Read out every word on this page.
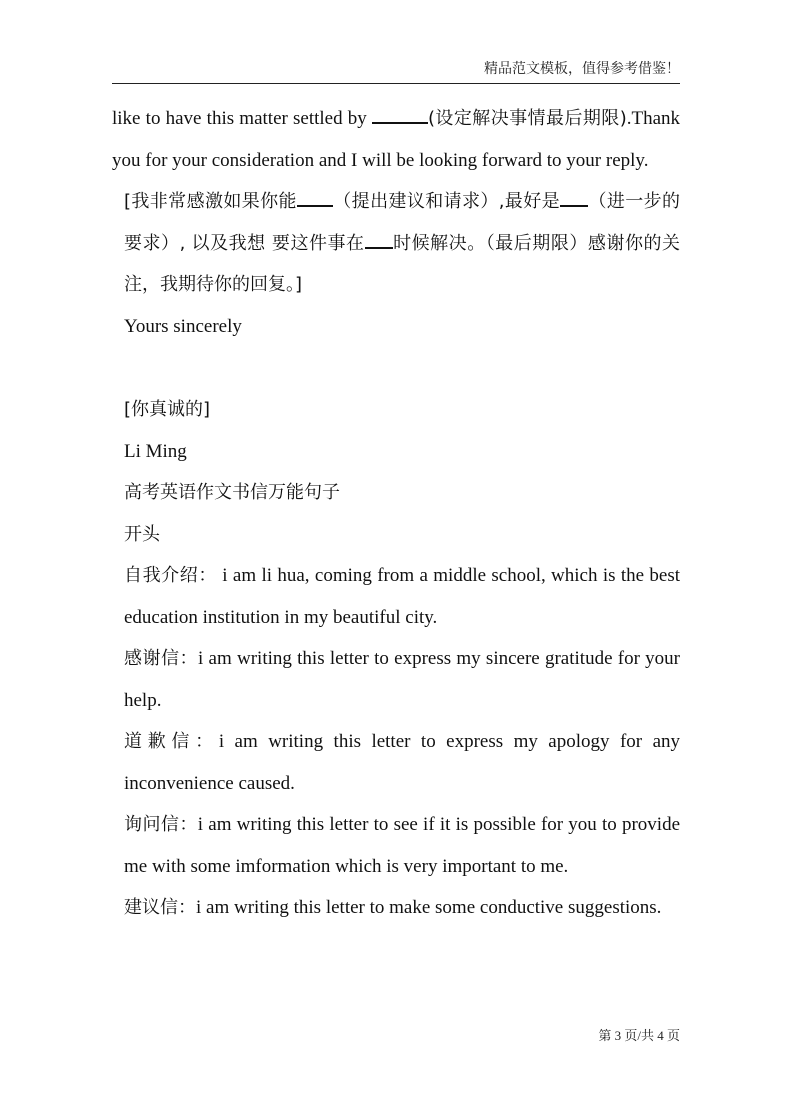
精品范文模板，值得参考借鉴！

like to have this matter settled by	(设定解决事情最后期限).Thank you for your consideration and I will be looking forward to your reply.

[我非常感激如果你能 （提出建议和请求）,最好是 （进一步的要求）, 以及我想 要这件事在 时候解决。（最后期限）感谢你的关注，我期待你的回复。]

Yours sincerely

[你真诚的]

Li Ming

高考英语作文书信万能句子

开头

自我介绍： i am li hua, coming from a middle school, which is the best education institution in my beautiful city.

感谢信：i am writing this letter to express my sincere gratitude for your help.

道歉信：i am writing this letter to express my apology for any inconvenience caused.

询问信：i am writing this letter to see if it is possible for you to provide me with some imformation which is very important to me.

建议信：i am writing this letter to make some conductive suggestions.

第 3 页/共 4 页
